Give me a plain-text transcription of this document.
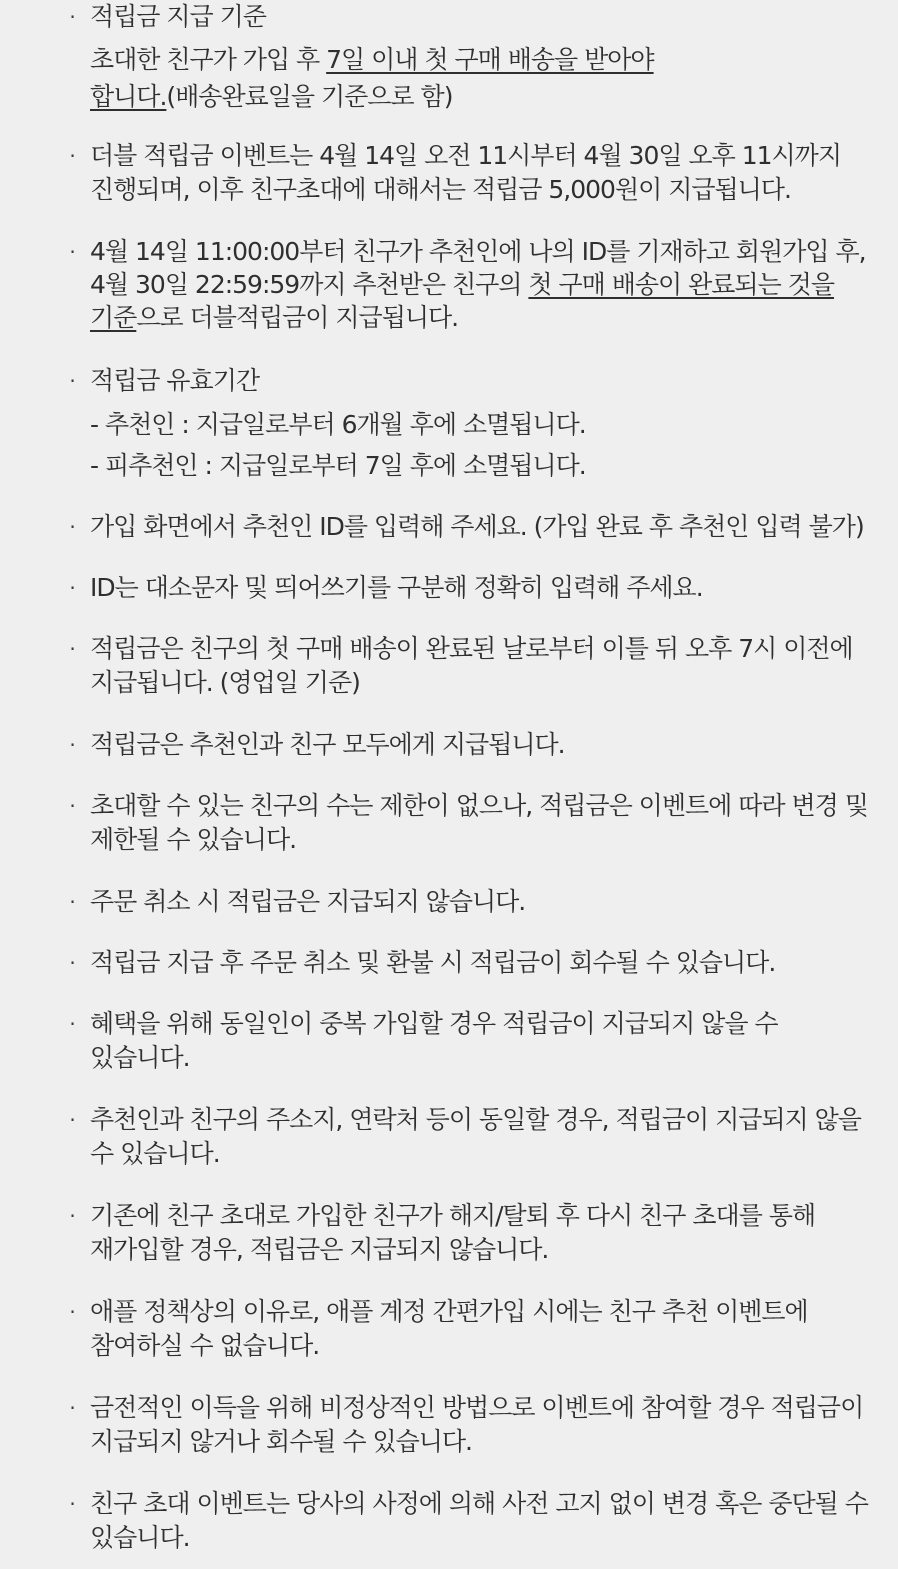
· 적립금 지급 기준
초대한 친구가 가입 후 7일 이내 첫 구매 배송을 받아야
합니다.(배송완료일을 기준으로 함)
· 더블 적립금 이벤트는 4월 14일 오전 11시부터 4월 30일 오후 11시까지
진행되며, 이후 친구초대에 대해서는 적립금 5,000원이 지급됩니다.
· 4월 14일 11:00:00부터 친구가 추천인에 나의 ID를 기재하고 회원가입 후,
4월 30일 22:59:59까지 추천받은 친구의 첫 구매 배송이 완료되는 것을
기준으로 더블적립금이 지급됩니다.
· 적립금 유효기간
- 추천인 : 지급일로부터 6개월 후에 소멸됩니다.
- 피추천인 : 지급일로부터 7일 후에 소멸됩니다.
· 가입 화면에서 추천인 ID를 입력해 주세요. (가입 완료 후 추천인 입력 불가)
· ID는 대소문자 및 띄어쓰기를 구분해 정확히 입력해 주세요.
· 적립금은 친구의 첫 구매 배송이 완료된 날로부터 이틀 뒤 오후 7시 이전에
지급됩니다. (영업일 기준)
· 적립금은 추천인과 친구 모두에게 지급됩니다.
· 초대할 수 있는 친구의 수는 제한이 없으나, 적립금은 이벤트에 따라 변경 및
제한될 수 있습니다.
· 주문 취소 시 적립금은 지급되지 않습니다.
· 적립금 지급 후 주문 취소 및 환불 시 적립금이 회수될 수 있습니다.
· 혜택을 위해 동일인이 중복 가입할 경우 적립금이 지급되지 않을 수
있습니다.
· 추천인과 친구의 주소지, 연락처 등이 동일할 경우, 적립금이 지급되지 않을
수 있습니다.
· 기존에 친구 초대로 가입한 친구가 해지/탈퇴 후 다시 친구 초대를 통해
재가입할 경우, 적립금은 지급되지 않습니다.
· 애플 정책상의 이유로, 애플 계정 간편가입 시에는 친구 추천 이벤트에
참여하실 수 없습니다.
· 금전적인 이득을 위해 비정상적인 방법으로 이벤트에 참여할 경우 적립금이
지급되지 않거나 회수될 수 있습니다.
· 친구 초대 이벤트는 당사의 사정에 의해 사전 고지 없이 변경 혹은 중단될 수
있습니다.
